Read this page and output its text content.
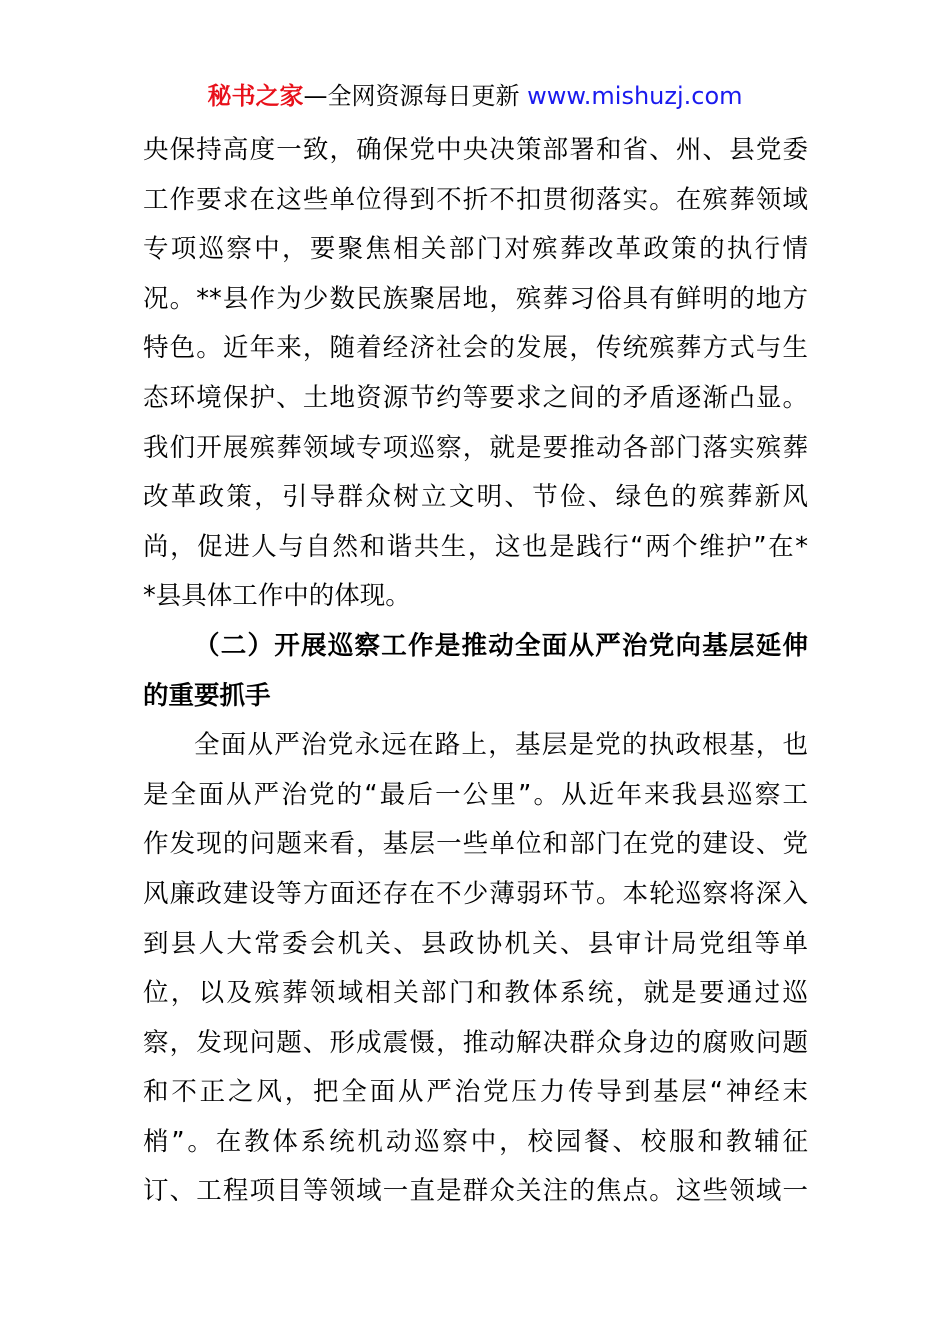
秘书之家—全网资源每日更新 www.mishuzj.com
央保持高度一致，确保党中央决策部署和省、州、县党委
工作要求在这些单位得到不折不扣贯彻落实。在殡葬领域
专项巡察中，要聚焦相关部门对殡葬改革政策的执行情
况。**县作为少数民族聚居地，殡葬习俗具有鲜明的地方
特色。近年来，随着经济社会的发展，传统殡葬方式与生
态环境保护、土地资源节约等要求之间的矛盾逐渐凸显。
我们开展殡葬领域专项巡察，就是要推动各部门落实殡葬
改革政策，引导群众树立文明、节俭、绿色的殡葬新风
尚，促进人与自然和谐共生，这也是践行“两个维护”在*
*县具体工作中的体现。
（二）开展巡察工作是推动全面从严治党向基层延伸
的重要抓手
全面从严治党永远在路上，基层是党的执政根基，也
是全面从严治党的“最后一公里”。从近年来我县巡察工
作发现的问题来看，基层一些单位和部门在党的建设、党
风廉政建设等方面还存在不少薄弱环节。本轮巡察将深入
到县人大常委会机关、县政协机关、县审计局党组等单
位，以及殡葬领域相关部门和教体系统，就是要通过巡
察，发现问题、形成震慑，推动解决群众身边的腐败问题
和不正之风，把全面从严治党压力传导到基层“神经末
梢”。在教体系统机动巡察中，校园餐、校服和教辅征
订、工程项目等领域一直是群众关注的焦点。这些领域一
